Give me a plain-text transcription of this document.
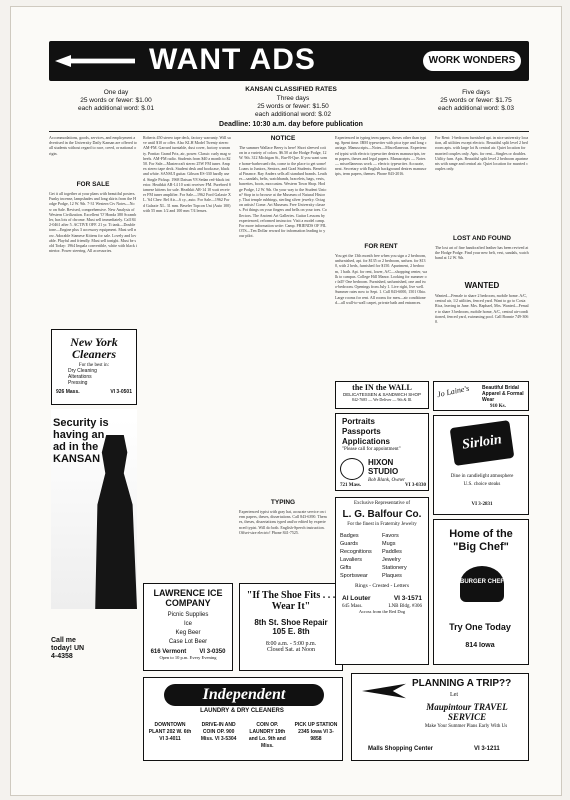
WANT ADS	WORK WONDERS
KANSAN CLASSIFIED RATES
One day
25 words or fewer: $1.00
each additional word: $.01
Three days
25 words or fewer: $1.50
each additional word: $.02
Five days
25 words or fewer: $1.75
each additional word: $.03
Deadline: 10:30 a.m. day before publication
Accommodations, goods, services, and employment advertised in the University Daily Kansan are offered to all students without regard to race, creed, or national origin.
FOR SALE
Get it all together at your plans with beautiful posters. Funky incense, lampshades and long skirts from the Hodge Podge, 12 W. 9th. 7-31 Western Civ Notes—Now on Sale. Revised, comprehensive. New Analysis of Western Civilization. Excellent 'O' Honda 380 Scrambler, has lots of chrome. Must sell immediately. Call 842-0461 after 5. ACTIVE OFF. 21 yr. Ti tank—Double tone—Engine plus 3 accessory equipment. Must sell now. Adorable Siamese Kittens for sale. Lovely and lovable. Playful and friendly. Must sell tonight. Must be sold Today: 1964 Impala convertible, white with black interior. Power steering. All accessories.
New York Cleaners
For the best in:
Dry Cleaning
Alterations
Pressing
926 Mass.	VI 3-0501
Security is having an ad in the KANSAN
Call me today! UN 4-4358
Roberts 450 stereo tape deck, factory warranty. Will save until $10 or offer. Also KLH Model Twenty stereo AM-FM. Garrard turntable, dust cover, factory warranty. Pontiac Grand Prix, air, power. Classic curly mag wheels. AM-FM radio. Students from $40 a month to $250. For Sale—Mastercraft stereo 25W FM tuner. Ampex stereo tape deck. Student desk and bookcase, black and white. SANSUI guitar. Gibson ES-330 hardly used. Single Pickup. 1968 Datsun V8 Sedan red-black interior. Heathkit AR-14 10 watt receiver FM. Purebred Siamese kittens for sale. Heathkit AR-14 10 watt receiver FM tuner amplifier. For Sale—1962 Ford Galaxie XL. '64 Chev. Bel Air—6 cy., auto. For Sale—1962 Ford Galaxie XL. 31 mm. Beseler Topcon Uni (Auto 100) with 55 mm 1/2 and 100 mm 7/4 lenses.
LAWRENCE ICE COMPANY
Picnic Supplies
Ice
Keg Beer
Case Lot Beer
616 Vermont VI 3-0350
Open to 10 p.m. Every Evening
NOTICE
The summer Wallace Beery is here! Short sleeved cotton in a variety of colors. $6.50 at the Hodge Podge, 12 W. 9th. 312 Michigan St., Bar-B-Que. If you want some home-barbecued ribs, come to the place to get some! Loans to Juniors, Seniors, and Grad Students. Beneficial Finance. Ray Anders sells all standard brands. Leather—sandals, belts, watchbands, bracelets, bags, vests, barrettes, boots, moccasins. Western Town Shop. Hodge Podge, 12 W. 9th. On your way to the Student Union? Stop in to browse at the Museum of Natural History. Thai temple rubbings, sterling silver jewelry. Octagon artists! Come. Art Museum. Free University classes. Pot things on your fingers and bells on your toes. Collectors. The Ancient Art Galleries. Guitar Lessons by experienced, reformed instructor. Visit a model camp. For more information write: Camp. FRIENDS OF PILOTS—Ten Dollar reward for information leading to your pilot.
TYPING
Experienced typist with gray hat, accurate service on term papers, theses, dissertations. Call 843-6390. Themes, theses, dissertations typed and/or edited by experienced typist. Will do both. English-Speech instruction. Offset-size electric! Phone 841-7525.
"If The Shoe Fits . . . Wear It"
8th St. Shoe Repair
105 E. 8th
8:00 a.m. - 5:00 p.m.
Closed Sat. at Noon
Experienced in typing term papers, theses other than typing. Spent time. IBM typewriter with pica type and long carriage. Manuscripts—Notes—Miscellaneous. Experienced typist with electric typewriter desires manuscripts, term papers, theses and legal papers. Manuscripts — Notes — miscellaneous work — electric typewriter. Accurate, neat. Secretary with English background desires manuscripts, term papers, themes. Phone 843-2016.
FOR RENT
You get the 13th month free when you sign a 2 bedroom, unfurnished, apt. for $135 or 2 bedroom, unfurn. for $130, with 2 beds, furnished for $150. Apartment, 2 bedroom, 1 bath. Apt. for rent, lower, A/C—shopping center, walk to campus. College Hill Manor. Looking for summer or fall? One bedroom. Furnished, unfurnished, one and two-bedroom. Openings from July 1. Live right, live well. Summer rates now to Sept. 1. Call 843-6000, 1501 Ohio. Large rooms for rent. All rooms for men—air conditioned—all wall-to-wall carpet, private bath and entrances.
the IN the WALL
DELICATESSEN & SANDWICH SHOP
842-7685 — We Deliver — 9th & Ill.
Portraits
Passports
Applications
"Please call for appointment"
HIXON STUDIO
Bob Blank, Owner
721 Mass.	VI 3-0330
Exclusive Representative of
L. G. Balfour Co.
For the finest in Fraternity Jewelry
Badges
Guards
Recognitions
Lavaliers
Gifts
Sportswear
Favors
Mugs
Paddles
Jewelry
Stationery
Plaques
Rings - Crested - Letters
Al Louter	VI 3-1571
645 Mass.	LNB Bldg. #306
Across from the Red Dog
For Rent: 1-bedroom furnished apt. in nice university location, all utilities except electric. Beautiful split level 2 bedroom apts. with large lot & central air. Quiet location for married couples only. Apts. for rent—Singles or doubles. Utility furn. Apts. Beautiful split level 2 bedroom apartments with range and central air. Quiet location for married couples only.
LOST AND FOUND
The lost art of fine handcrafted leather has been revived at the Hodge Podge. Find your new belt, vest, sandals, watchband at 12 W. 9th.
WANTED
Wanted—Female to share 2 bedroom, mobile home. A/C, central air, 1/2 utilities, fenced yard. Want to go to Costa Rica, leaving in June. Mrs. Raphael, Mrs. Wanted—Female to share 3 bedroom, mobile home, A/C, central air-conditioned, fenced yard, swimming pool. Call Bonnie 749-3060.
Jo Laine's	Beautiful Bridal Apparel & Formal Wear
910 Ks.
Sirloin
Dine in candlelight atmosphere
U.S. choice steaks
VI 3-2831
Home of the "Big Chef"
BURGER CHEF
Try One Today
814 Iowa
Independent
LAUNDRY & DRY CLEANERS
DOWNTOWN PLANT 202 W. 6th VI 3-4011
DRIVE-IN AND COIN OP. 900 Miss. VI 3-5304
COIN OP. LAUNDRY 19th and Lo. 9th and Miss.
PICK UP STATION 2345 Iowa VI 3-9858
PLANNING A TRIP??
Let
Maupintour TRAVEL SERVICE
Make Your Summer Plans Early With Us
Malls Shopping Center	VI 3-1211
